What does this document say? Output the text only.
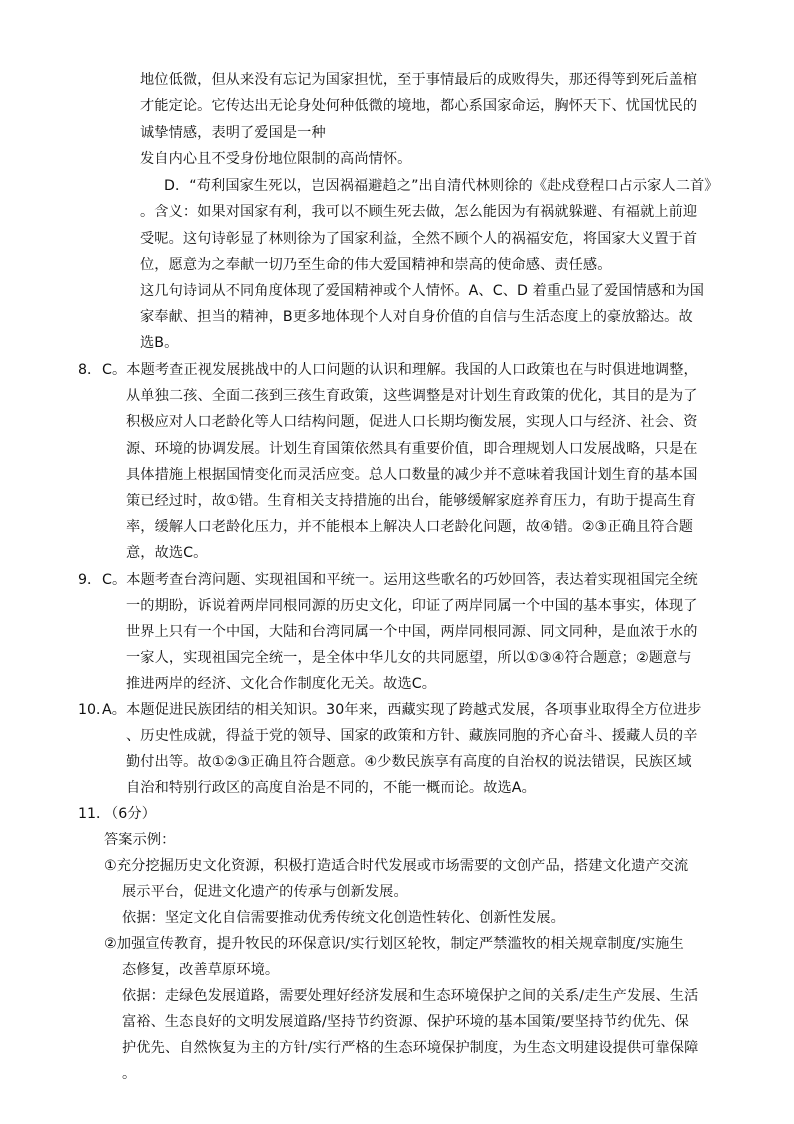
地位低微，但从来没有忘记为国家担忧，至于事情最后的成败得失，那还得等到死后盖棺
才能定论。它传达出无论身处何种低微的境地，都心系国家命运，胸怀天下、忧国忧民的
诚挚情感，表明了爱国是一种
发自内心且不受身份地位限制的高尚情怀。
D．“苟利国家生死以，岂因祸福避趋之”出自清代林则徐的《赴戍登程口占示家人二首》
。含义：如果对国家有利，我可以不顾生死去做，怎么能因为有祸就躲避、有福就上前迎
受呢。这句诗彰显了林则徐为了国家利益，全然不顾个人的祸福安危，将国家大义置于首
位，愿意为之奉献一切乃至生命的伟大爱国精神和崇高的使命感、责任感。
这几句诗词从不同角度体现了爱国精神或个人情怀。A、C、D 着重凸显了爱国情感和为国
家奉献、担当的精神，B更多地体现个人对自身价值的自信与生活态度上的豪放豁达。故
选B。
8． C。本题考查正视发展挑战中的人口问题的认识和理解。我国的人口政策也在与时俱进地调整，
从单独二孩、全面二孩到三孩生育政策，这些调整是对计划生育政策的优化，其目的是为了
积极应对人口老龄化等人口结构问题，促进人口长期均衡发展，实现人口与经济、社会、资
源、环境的协调发展。计划生育国策依然具有重要价值，即合理规划人口发展战略，只是在
具体措施上根据国情变化而灵活应变。总人口数量的减少并不意味着我国计划生育的基本国
策已经过时，故①错。生育相关支持措施的出台，能够缓解家庭养育压力，有助于提高生育
率，缓解人口老龄化压力，并不能根本上解决人口老龄化问题，故④错。②③正确且符合题
意，故选C。
9． C。本题考查台湾问题、实现祖国和平统一。运用这些歌名的巧妙回答，表达着实现祖国完全统
一的期盼，诉说着两岸同根同源的历史文化，印证了两岸同属一个中国的基本事实，体现了
世界上只有一个中国，大陆和台湾同属一个中国，两岸同根同源、同文同种，是血浓于水的
一家人，实现祖国完全统一，是全体中华儿女的共同愿望，所以①③④符合题意；②题意与
推进两岸的经济、文化合作制度化无关。故选C。
10．
A。本题促进民族团结的相关知识。30年来，西藏实现了跨越式发展，各项事业取得全方位进步
、历史性成就，得益于党的领导、国家的政策和方针、藏族同胞的齐心奋斗、援藏人员的辛
勤付出等。故①②③正确且符合题意。④少数民族享有高度的自治权的说法错误，民族区域
自治和特别行政区的高度自治是不同的，不能一概而论。故选A。
11．
（6分）
答案示例：
①充分挖掘历史文化资源，积极打造适合时代发展或市场需要的文创产品，搭建文化遗产交流
展示平台，促进文化遗产的传承与创新发展。
依据：坚定文化自信需要推动优秀传统文化创造性转化、创新性发展。
②加强宣传教育，提升牧民的环保意识/实行划区轮牧，制定严禁滥牧的相关规章制度/实施生
态修复，改善草原环境。
依据：走绿色发展道路，需要处理好经济发展和生态环境保护之间的关系/走生产发展、生活
富裕、生态良好的文明发展道路/坚持节约资源、保护环境的基本国策/要坚持节约优先、保
护优先、自然恢复为主的方针/实行严格的生态环境保护制度，为生态文明建设提供可靠保障
。
